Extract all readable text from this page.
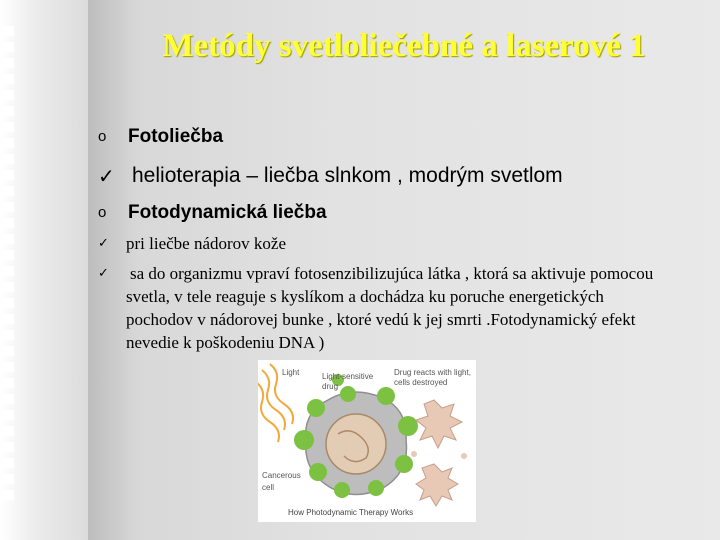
Metódy svetloliečebné a laserové 1
o Fotoliečba
✓ helioterapia – liečba slnkom , modrým svetlom
o Fotodynamická liečba
✓ pri liečbe nádorov kože
✓ sa do organizmu vpraví fotosenzibilizujúca látka , ktorá sa aktivuje pomocou svetla, v tele reaguje s kyslíkom a dochádza ku poruche energetických pochodov v nádorovej bunke , ktoré vedú k jej smrti .Fotodynamický efekt nevedie k poškodeniu DNA )
Light	Light-sensitive drug
Drug reacts with light, cells destroyed
Cancerous cell
How Photodynamic Therapy Works
